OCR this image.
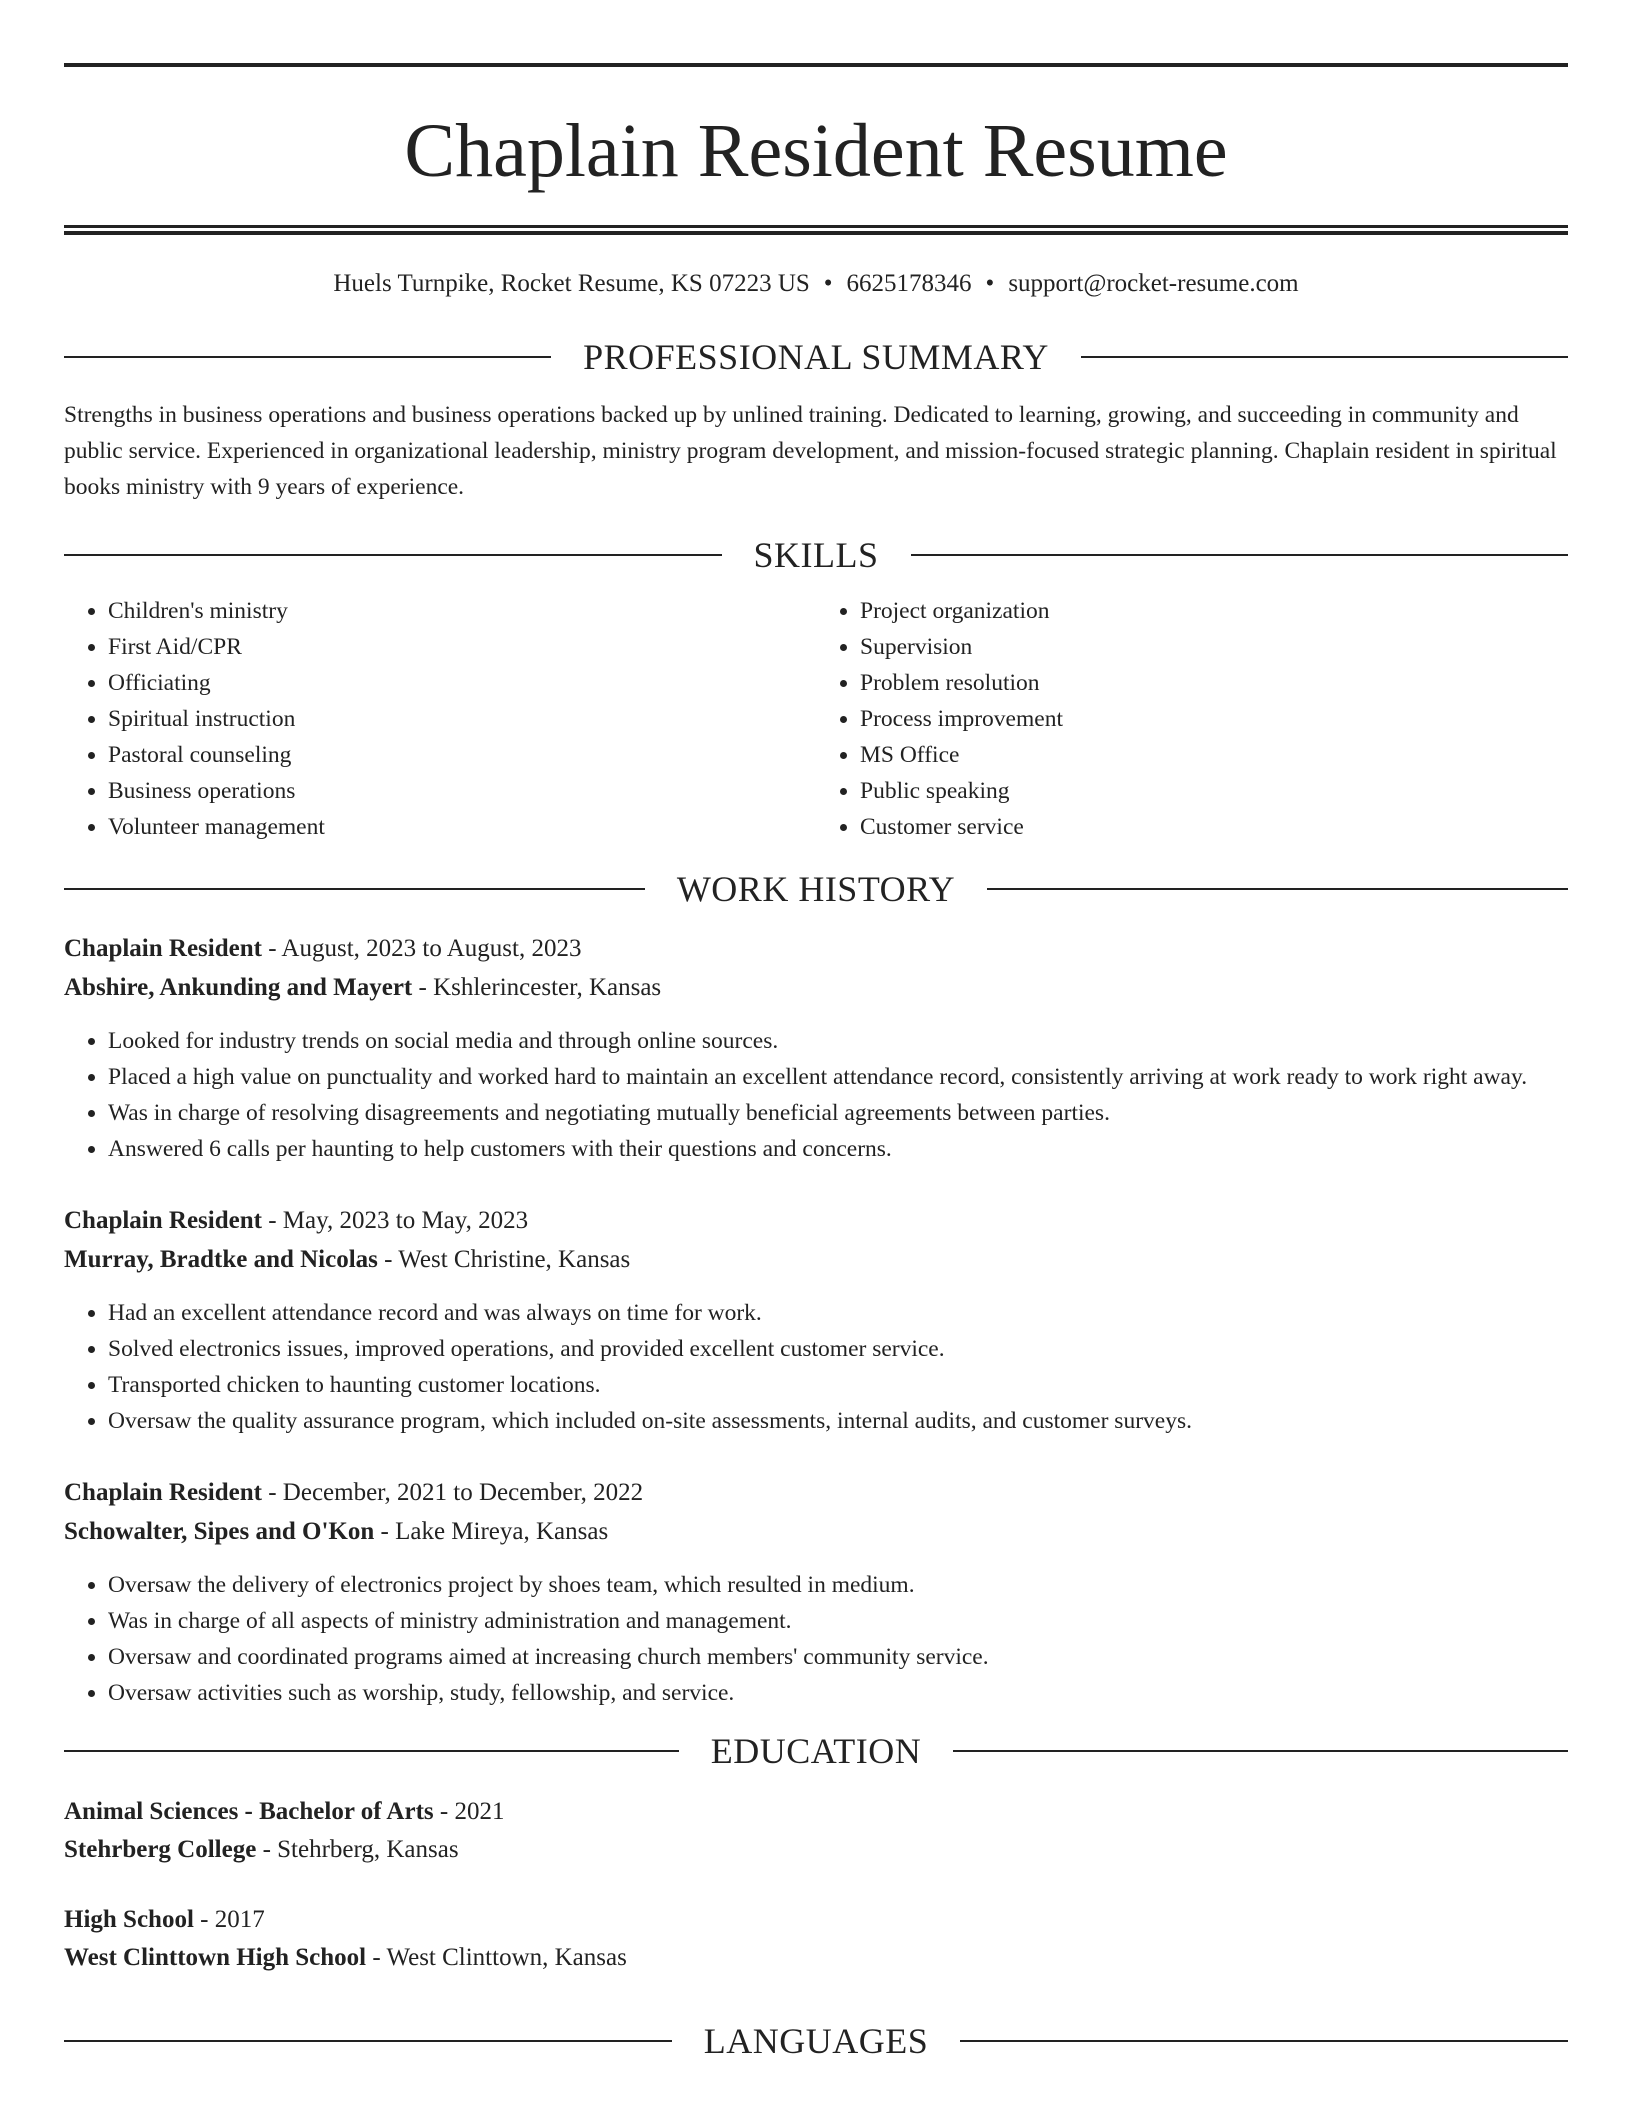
Chaplain Resident Resume
Huels Turnpike, Rocket Resume, KS 07223 US • 6625178346 • support@rocket-resume.com
PROFESSIONAL SUMMARY

Strengths in business operations and business operations backed up by unlined training. Dedicated to learning, growing, and succeeding in community and public service. Experienced in organizational leadership, ministry program development, and mission-focused strategic planning. Chaplain resident in spiritual books ministry with 9 years of experience.

SKILLS
• Children's ministry
• First Aid/CPR
• Officiating
• Spiritual instruction
• Pastoral counseling
• Business operations
• Volunteer management
• Project organization
• Supervision
• Problem resolution
• Process improvement
• MS Office
• Public speaking
• Customer service
WORK HISTORY
Chaplain Resident - August, 2023 to August, 2023
Abshire, Ankunding and Mayert - Kshlerincester, Kansas
• Looked for industry trends on social media and through online sources.
• Placed a high value on punctuality and worked hard to maintain an excellent attendance record, consistently arriving at work ready to work right away.
• Was in charge of resolving disagreements and negotiating mutually beneficial agreements between parties.
• Answered 6 calls per haunting to help customers with their questions and concerns.
Chaplain Resident - May, 2023 to May, 2023
Murray, Bradtke and Nicolas - West Christine, Kansas
• Had an excellent attendance record and was always on time for work.
• Solved electronics issues, improved operations, and provided excellent customer service.
• Transported chicken to haunting customer locations.
• Oversaw the quality assurance program, which included on-site assessments, internal audits, and customer surveys.
Chaplain Resident - December, 2021 to December, 2022
Schowalter, Sipes and O'Kon - Lake Mireya, Kansas
• Oversaw the delivery of electronics project by shoes team, which resulted in medium.
• Was in charge of all aspects of ministry administration and management.
• Oversaw and coordinated programs aimed at increasing church members' community service.
• Oversaw activities such as worship, study, fellowship, and service.
EDUCATION
Animal Sciences - Bachelor of Arts - 2021
Stehrberg College - Stehrberg, Kansas
High School - 2017
West Clinttown High School - West Clinttown, Kansas
LANGUAGES
